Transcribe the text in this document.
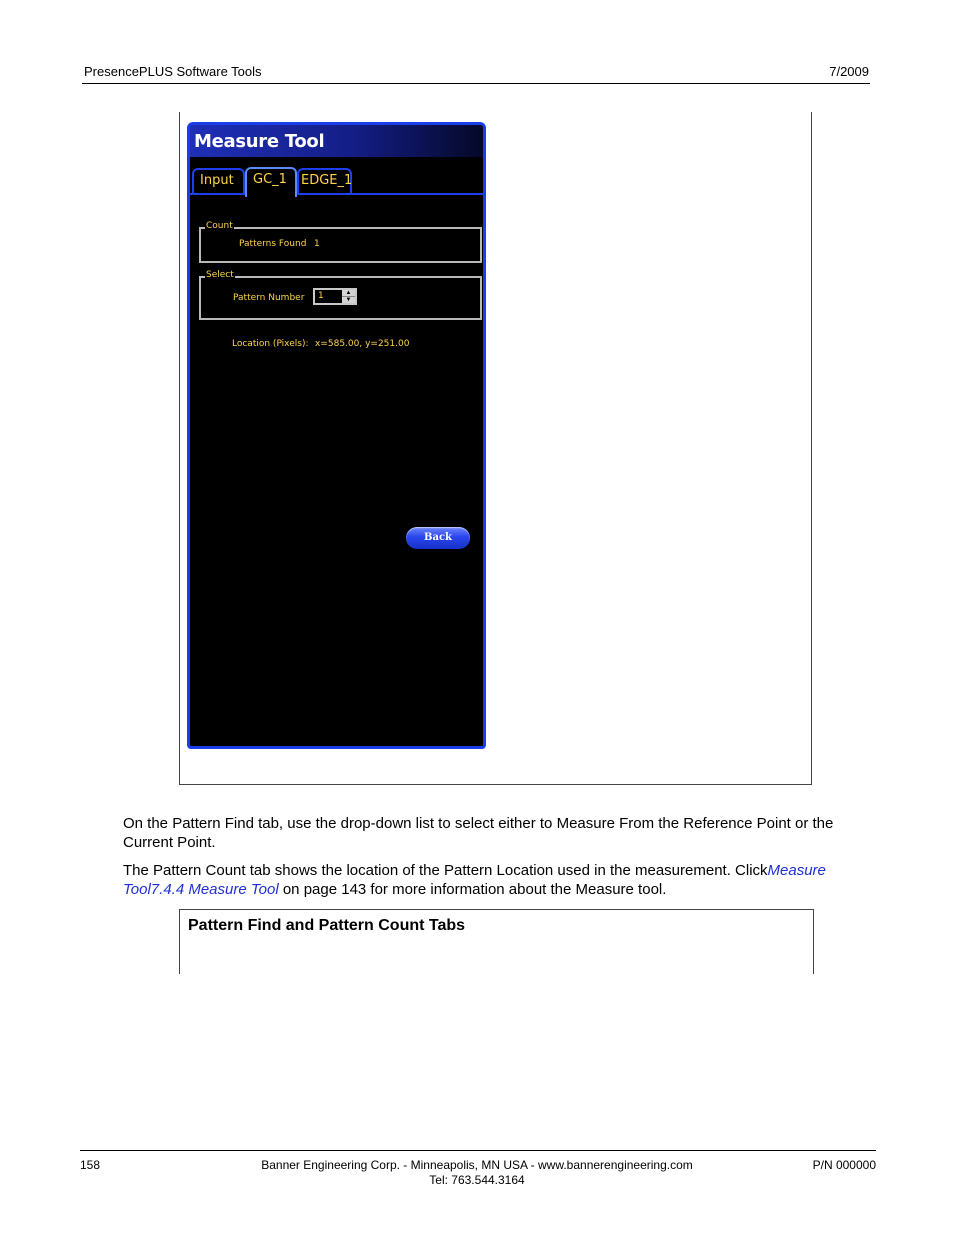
PresencePLUS Software Tools	7/2009
Measure Tool
Input	GC_1	EDGE_1
Count
Patterns Found 1
Select
Pattern Number 1	▲
▼
Location (Pixels): x=585.00, y=251.00
Back
On the Pattern Find tab, use the drop-down list to select either to Measure From the Reference Point or the Current Point.
The Pattern Count tab shows the location of the Pattern Location used in the measurement. ClickMeasure Tool7.4.4 Measure Tool on page 143 for more information about the Measure tool.
Pattern Find and Pattern Count Tabs
158	Banner Engineering Corp. - Minneapolis, MN USA - www.bannerengineering.com
Tel: 763.544.3164
P/N 000000
